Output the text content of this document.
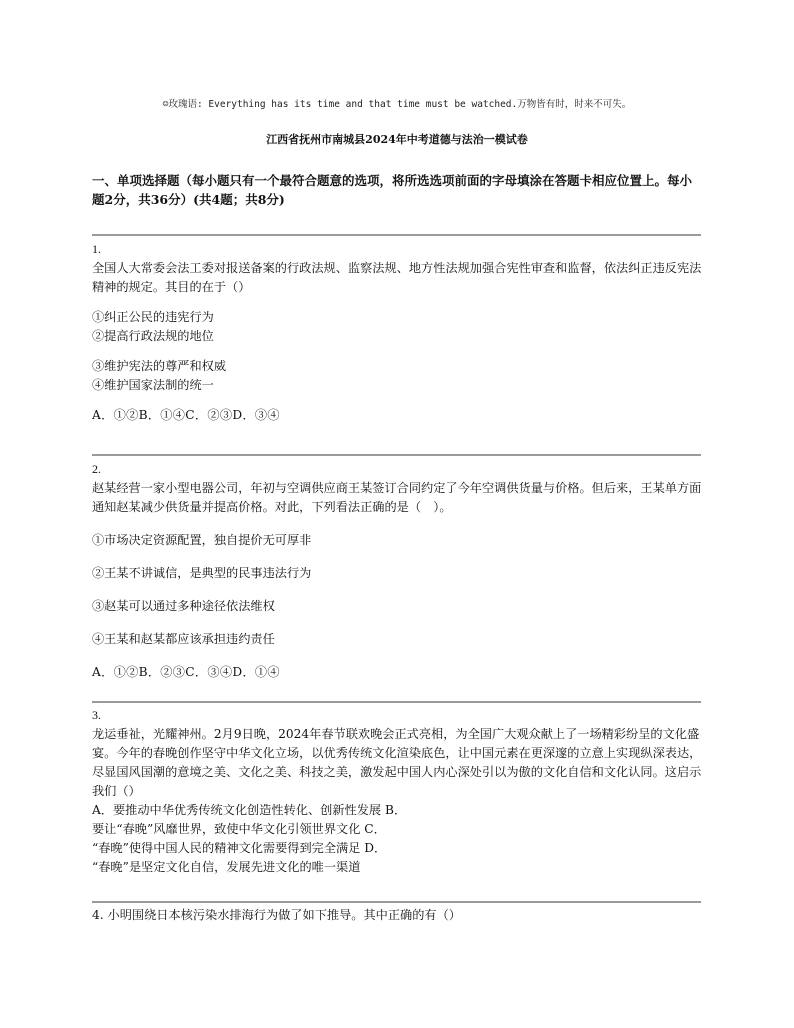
☺玫瑰语: Everything has its time and that time must be watched.万物皆有时，时来不可失。
江西省抚州市南城县2024年中考道德与法治一模试卷
一、单项选择题（每小题只有一个最符合题意的选项，将所选选项前面的字母填涂在答题卡相应位置上。每小题2分，共36分）(共4题；共8分)
1.
全国人大常委会法工委对报送备案的行政法规、监察法规、地方性法规加强合宪性审查和监督，依法纠正违反宪法精神的规定。其目的在于（）
①纠正公民的违宪行为
②提高行政法规的地位
③维护宪法的尊严和权威
④维护国家法制的统一
A．①②B．①④C．②③D．③④
2.
赵某经营一家小型电器公司，年初与空调供应商王某签订合同约定了今年空调供货量与价格。但后来，王某单方面通知赵某减少供货量并提高价格。对此，下列看法正确的是（　）。
①市场决定资源配置，独自提价无可厚非
②王某不讲诚信，是典型的民事违法行为
③赵某可以通过多种途径依法维权
④王某和赵某都应该承担违约责任
A．①②B．②③C．③④D．①④
3.
龙运垂祉，光耀神州。2月9日晚，2024年春节联欢晚会正式亮相，为全国广大观众献上了一场精彩纷呈的文化盛宴。今年的春晚创作坚守中华文化立场，以优秀传统文化渲染底色，让中国元素在更深邃的立意上实现纵深表达，尽显国风国潮的意境之美、文化之美、科技之美，激发起中国人内心深处引以为傲的文化自信和文化认同。这启示我们（）
A．要推动中华优秀传统文化创造性转化、创新性发展 B．
要让“春晚”风靡世界，致使中华文化引领世界文化 C．
“春晚”使得中国人民的精神文化需要得到完全满足 D．
“春晚”是坚定文化自信，发展先进文化的唯一渠道
4. 小明围绕日本核污染水排海行为做了如下推导。其中正确的有（）
